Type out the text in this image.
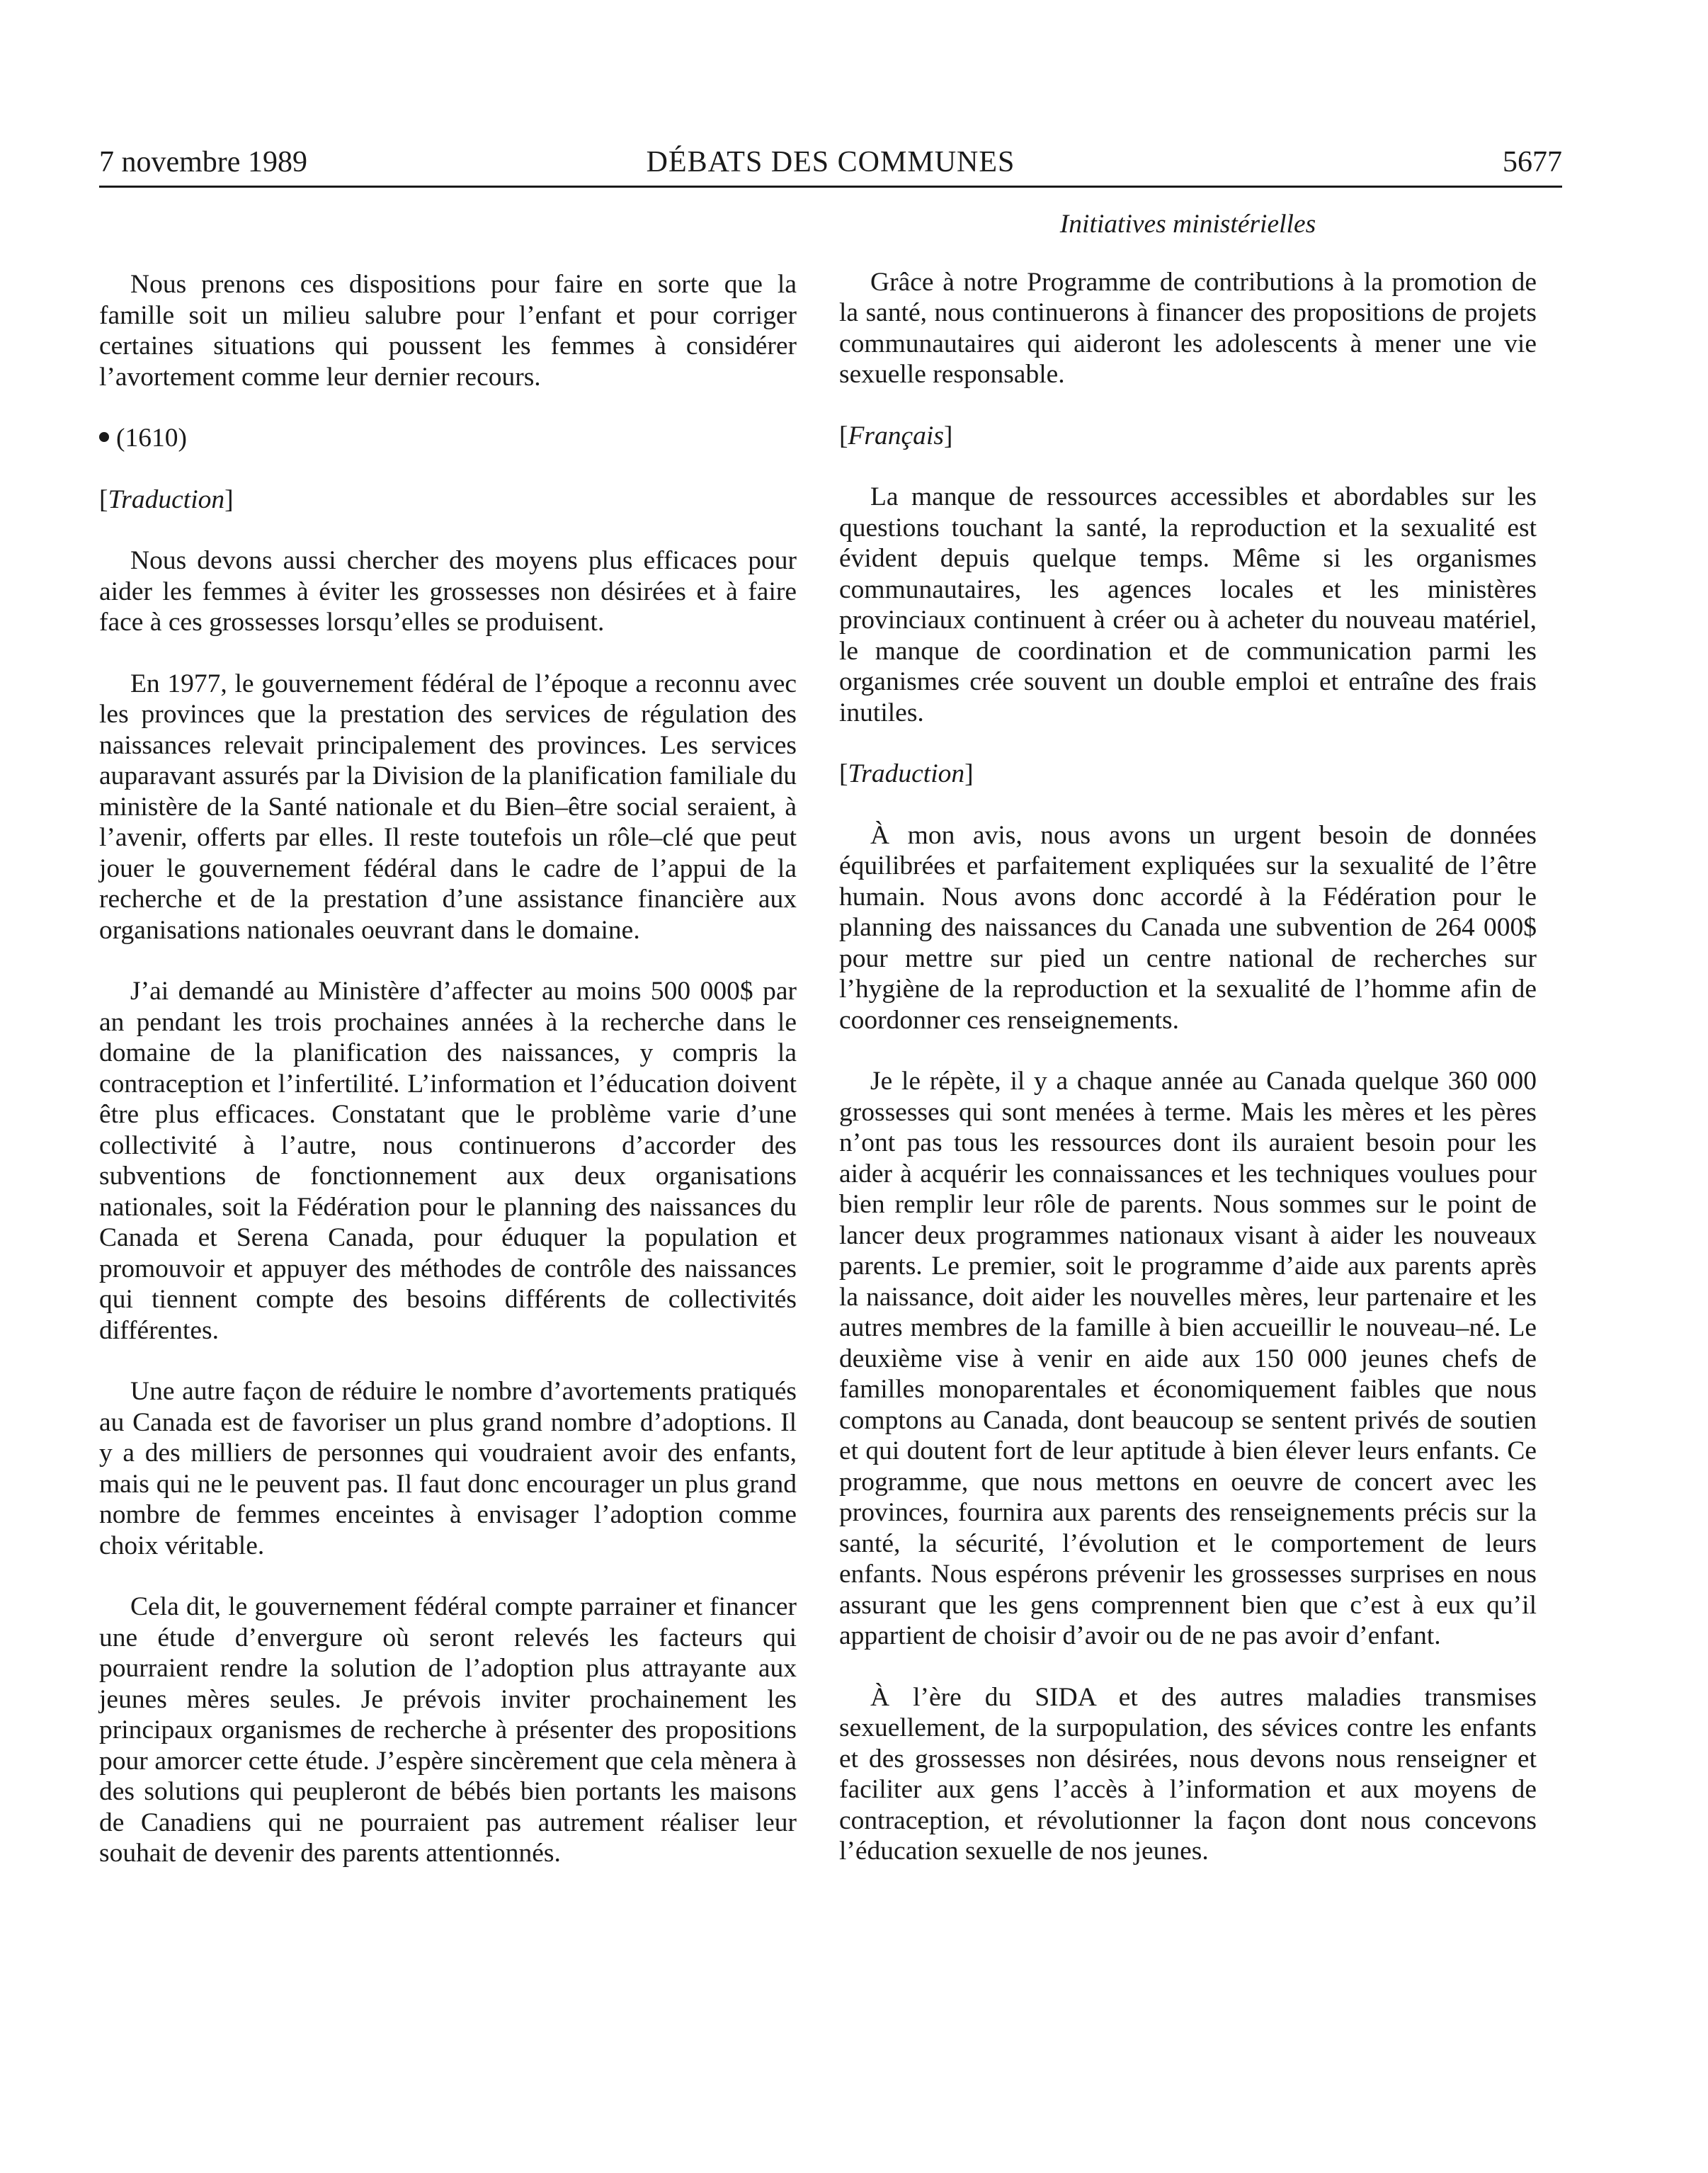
7 novembre 1989	DÉBATS DES COMMUNES	5677

Nous prenons ces dispositions pour faire en sorte que la famille soit un milieu salubre pour l’enfant et pour corriger certaines situations qui poussent les femmes à considérer l’avortement comme leur dernier recours.

(1610)
[Traduction]

Nous devons aussi chercher des moyens plus efficaces pour aider les femmes à éviter les grossesses non désirées et à faire face à ces grossesses lorsqu’elles se produisent.

En 1977, le gouvernement fédéral de l’époque a reconnu avec les provinces que la prestation des services de régulation des naissances relevait principalement des provinces. Les services auparavant assurés par la Division de la planification familiale du ministère de la Santé nationale et du Bien–être social seraient, à l’avenir, offerts par elles. Il reste toutefois un rôle–clé que peut jouer le gouvernement fédéral dans le cadre de l’appui de la recherche et de la prestation d’une assistance financière aux organisations nationales oeuvrant dans le domaine.

J’ai demandé au Ministère d’affecter au moins 500 000$ par an pendant les trois prochaines années à la recherche dans le domaine de la planification des naissances, y compris la contraception et l’infertilité. L’information et l’éducation doivent être plus efficaces. Constatant que le problème varie d’une collectivité à l’autre, nous continuerons d’accorder des subventions de fonctionnement aux deux organisations nationales, soit la Fédération pour le planning des naissances du Canada et Serena Canada, pour éduquer la population et promouvoir et appuyer des méthodes de contrôle des naissances qui tiennent compte des besoins différents de collectivités différentes.

Une autre façon de réduire le nombre d’avortements pratiqués au Canada est de favoriser un plus grand nombre d’adoptions. Il y a des milliers de personnes qui voudraient avoir des enfants, mais qui ne le peuvent pas. Il faut donc encourager un plus grand nombre de femmes enceintes à envisager l’adoption comme choix véritable.

Cela dit, le gouvernement fédéral compte parrainer et financer une étude d’envergure où seront relevés les facteurs qui pourraient rendre la solution de l’adoption plus attrayante aux jeunes mères seules. Je prévois inviter prochainement les principaux organismes de recherche à présenter des propositions pour amorcer cette étude. J’espère sincèrement que cela mènera à des solutions qui peupleront de bébés bien portants les maisons de Canadiens qui ne pourraient pas autrement réaliser leur souhait de devenir des parents attentionnés.

Initiatives ministérielles

Grâce à notre Programme de contributions à la promotion de la santé, nous continuerons à financer des propositions de projets communautaires qui aideront les adolescents à mener une vie sexuelle responsable.

[Français]

La manque de ressources accessibles et abordables sur les questions touchant la santé, la reproduction et la sexualité est évident depuis quelque temps. Même si les organismes communautaires, les agences locales et les ministères provinciaux continuent à créer ou à acheter du nouveau matériel, le manque de coordination et de communication parmi les organismes crée souvent un double emploi et entraîne des frais inutiles.

[Traduction]

À mon avis, nous avons un urgent besoin de données équilibrées et parfaitement expliquées sur la sexualité de l’être humain. Nous avons donc accordé à la Fédération pour le planning des naissances du Canada une subvention de 264 000$ pour mettre sur pied un centre national de recherches sur l’hygiène de la reproduction et la sexualité de l’homme afin de coordonner ces renseignements.

Je le répète, il y a chaque année au Canada quelque 360 000 grossesses qui sont menées à terme. Mais les mères et les pères n’ont pas tous les ressources dont ils auraient besoin pour les aider à acquérir les connaissances et les techniques voulues pour bien remplir leur rôle de parents. Nous sommes sur le point de lancer deux programmes nationaux visant à aider les nouveaux parents. Le premier, soit le programme d’aide aux parents après la naissance, doit aider les nouvelles mères, leur partenaire et les autres membres de la famille à bien accueillir le nouveau–né. Le deuxième vise à venir en aide aux 150 000 jeunes chefs de familles monoparentales et économiquement faibles que nous comptons au Canada, dont beaucoup se sentent privés de soutien et qui doutent fort de leur aptitude à bien élever leurs enfants. Ce programme, que nous mettons en oeuvre de concert avec les provinces, fournira aux parents des renseignements précis sur la santé, la sécurité, l’évolution et le comportement de leurs enfants. Nous espérons prévenir les grossesses surprises en nous assurant que les gens comprennent bien que c’est à eux qu’il appartient de choisir d’avoir ou de ne pas avoir d’enfant.

À l’ère du SIDA et des autres maladies transmises sexuellement, de la surpopulation, des sévices contre les enfants et des grossesses non désirées, nous devons nous renseigner et faciliter aux gens l’accès à l’information et aux moyens de contraception, et révolutionner la façon dont nous concevons l’éducation sexuelle de nos jeunes.
